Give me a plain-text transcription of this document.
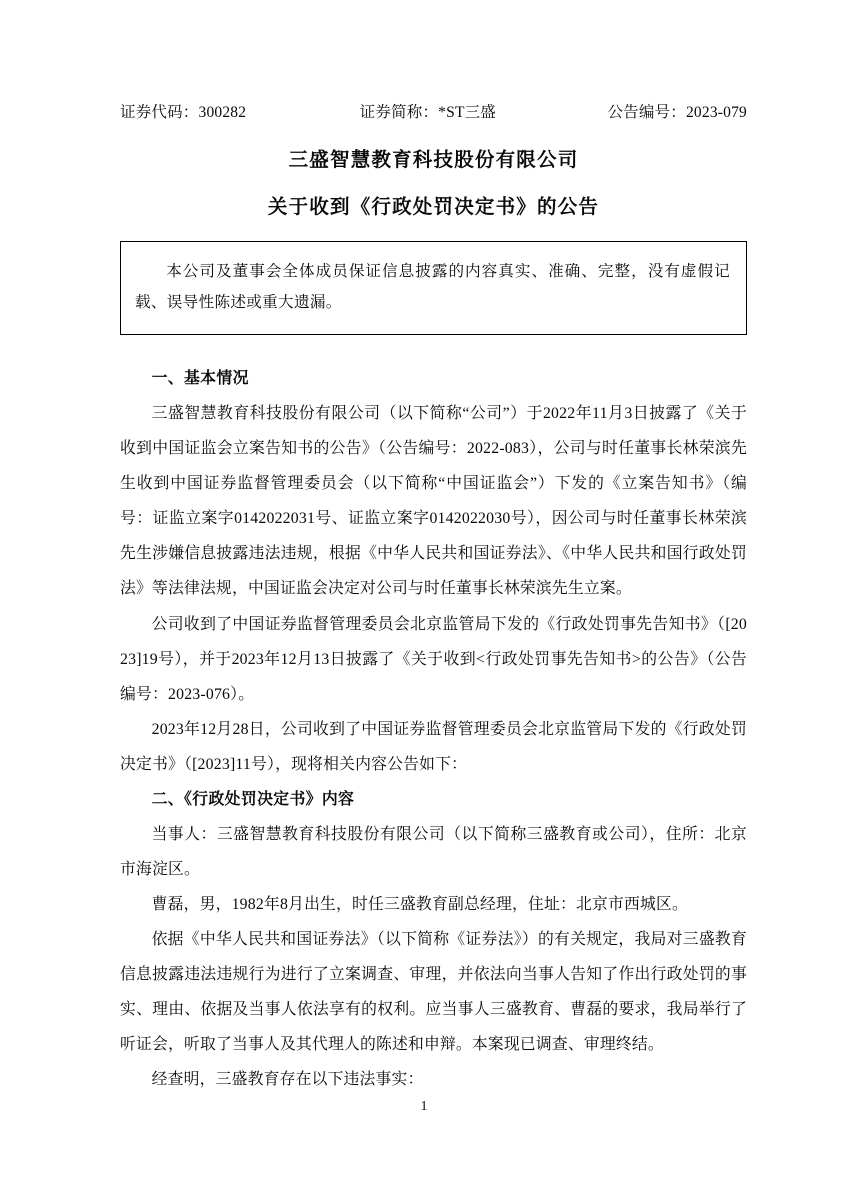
证券代码：300282	证券简称：*ST三盛	公告编号：2023-079
三盛智慧教育科技股份有限公司
关于收到《行政处罚决定书》的公告

本公司及董事会全体成员保证信息披露的内容真实、准确、完整，没有虚假记载、误导性陈述或重大遗漏。

一、基本情况

三盛智慧教育科技股份有限公司（以下简称“公司”）于2022年11月3日披露了《关于收到中国证监会立案告知书的公告》（公告编号：2022-083），公司与时任董事长林荣滨先生收到中国证券监督管理委员会（以下简称“中国证监会”）下发的《立案告知书》（编号：证监立案字0142022031号、证监立案字0142022030号），因公司与时任董事长林荣滨先生涉嫌信息披露违法违规，根据《中华人民共和国证券法》、《中华人民共和国行政处罚法》等法律法规，中国证监会决定对公司与时任董事长林荣滨先生立案。

公司收到了中国证券监督管理委员会北京监管局下发的《行政处罚事先告知书》（[2023]19号），并于2023年12月13日披露了《关于收到<行政处罚事先告知书>的公告》（公告编号：2023-076）。

2023年12月28日，公司收到了中国证券监督管理委员会北京监管局下发的《行政处罚决定书》（[2023]11号），现将相关内容公告如下：

二、《行政处罚决定书》内容

当事人：三盛智慧教育科技股份有限公司（以下简称三盛教育或公司），住所：北京市海淀区。

曹磊，男，1982年8月出生，时任三盛教育副总经理，住址：北京市西城区。

依据《中华人民共和国证券法》（以下简称《证券法》）的有关规定，我局对三盛教育信息披露违法违规行为进行了立案调查、审理，并依法向当事人告知了作出行政处罚的事实、理由、依据及当事人依法享有的权利。应当事人三盛教育、曹磊的要求，我局举行了听证会，听取了当事人及其代理人的陈述和申辩。本案现已调查、审理终结。

经查明，三盛教育存在以下违法事实：

1
